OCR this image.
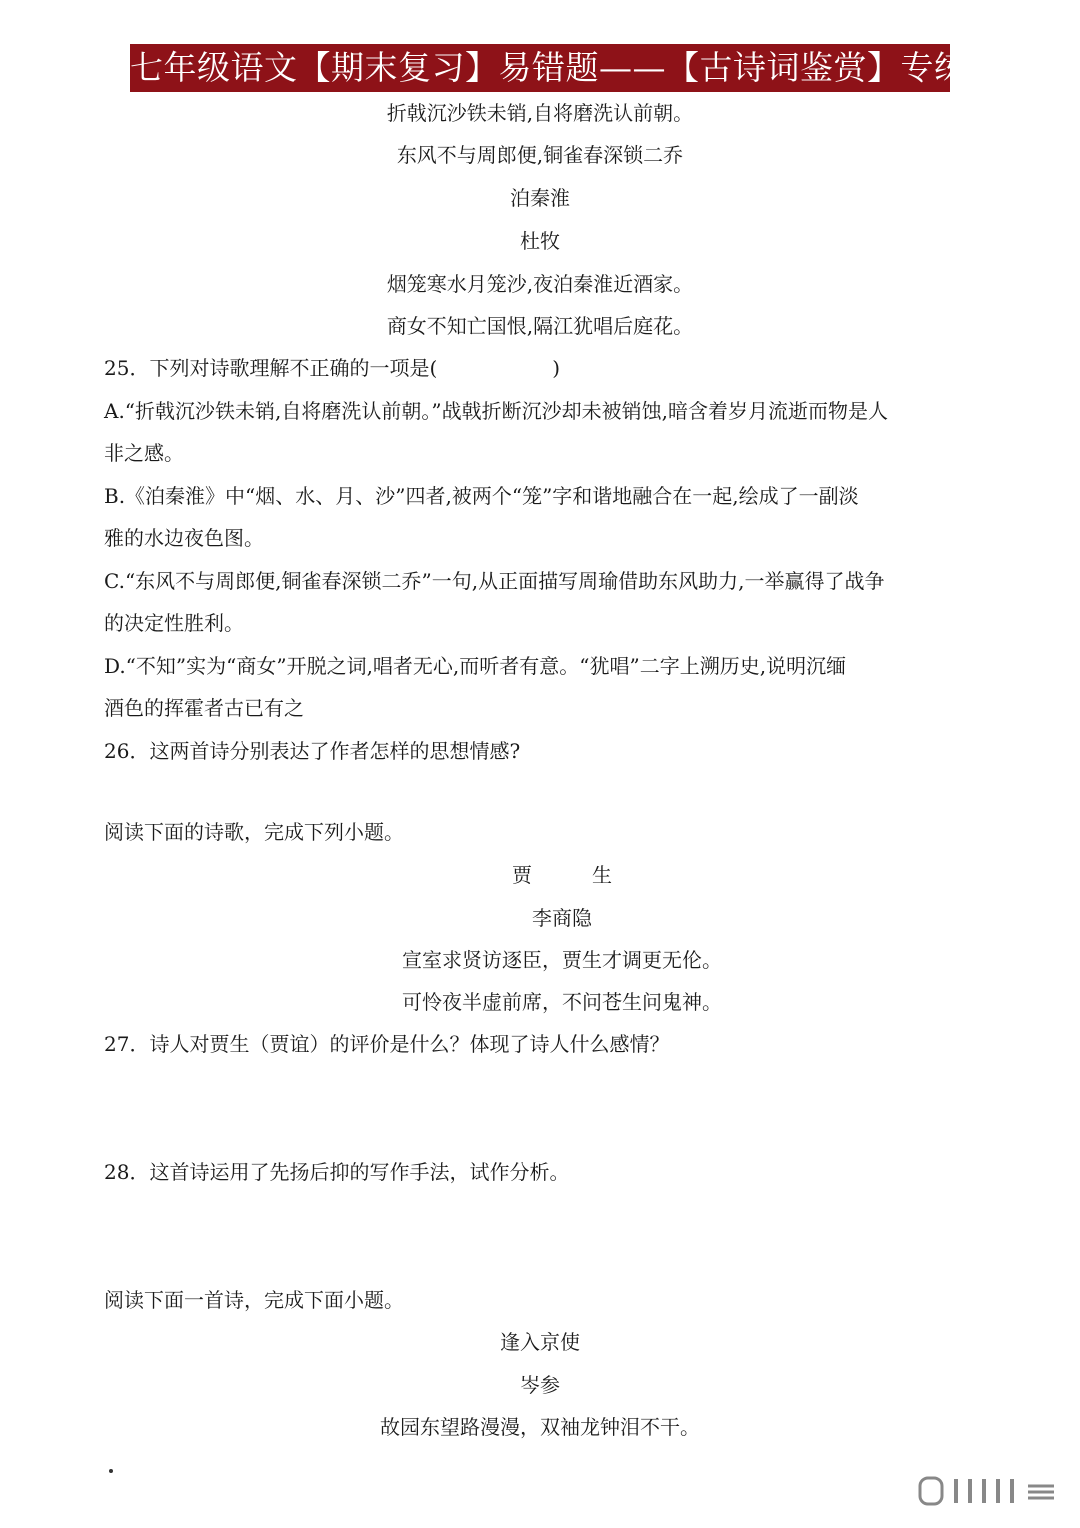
七年级语文【期末复习】易错题——【古诗词鉴赏】专练
折戟沉沙铁未销,自将磨洗认前朝。
东风不与周郎便,铜雀春深锁二乔
泊秦淮
杜牧
烟笼寒水月笼沙,夜泊秦淮近酒家。
商女不知亡国恨,隔江犹唱后庭花。
25．下列对诗歌理解不正确的一项是(	)
A.“折戟沉沙铁未销,自将磨洗认前朝。”战戟折断沉沙却未被销蚀,暗含着岁月流逝而物是人
非之感。
B.《泊秦淮》中“烟、水、月、沙”四者,被两个“笼”字和谐地融合在一起,绘成了一副淡
雅的水边夜色图。
C.“东风不与周郎便,铜雀春深锁二乔”一句,从正面描写周瑜借助东风助力,一举赢得了战争
的决定性胜利。
D.“不知”实为“商女”开脱之词,唱者无心,而听者有意。“犹唱”二字上溯历史,说明沉缅
酒色的挥霍者古已有之
26．这两首诗分别表达了作者怎样的思想情感?
阅读下面的诗歌，完成下列小题。
贾　　　生
李商隐
宣室求贤访逐臣，贾生才调更无伦。
可怜夜半虚前席，不问苍生问鬼神。
27．诗人对贾生（贾谊）的评价是什么？体现了诗人什么感情？
28．这首诗运用了先扬后抑的写作手法，试作分析。
阅读下面一首诗，完成下面小题。
逢入京使
岑参
故园东望路漫漫，双袖龙钟泪不干。
